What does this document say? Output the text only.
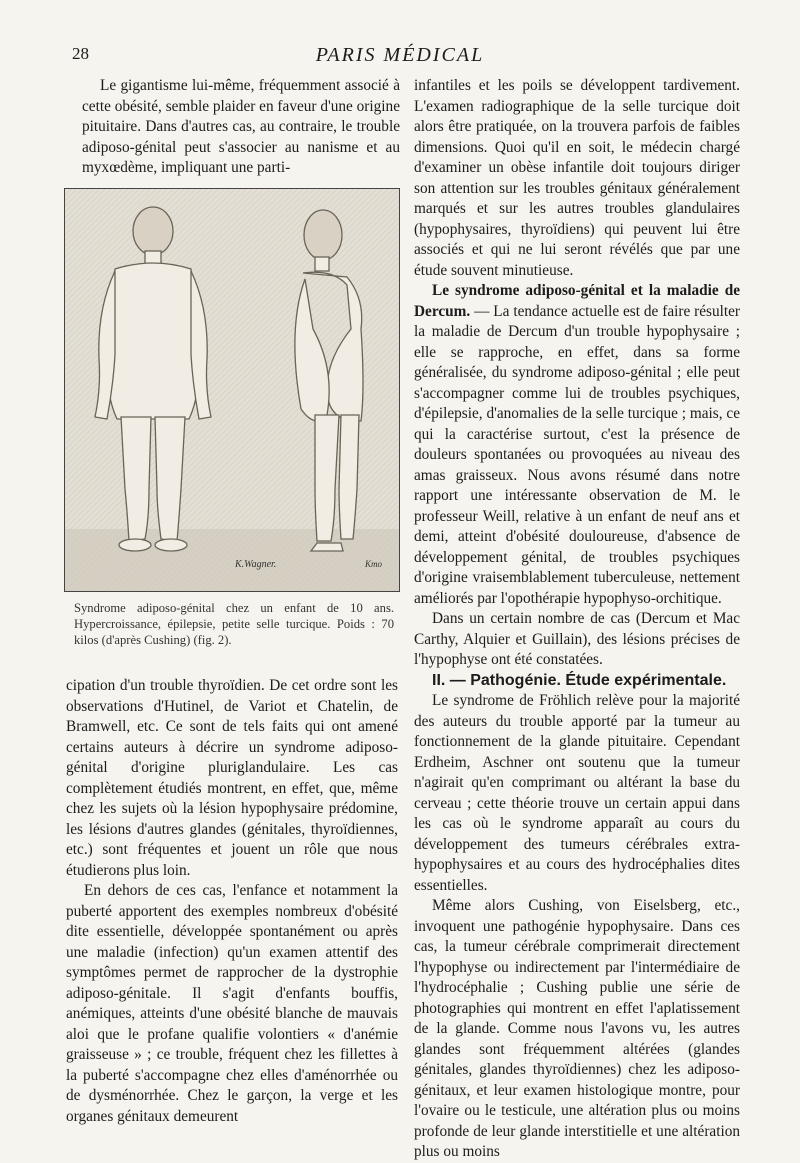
28	PARIS MÉDICAL

Le gigantisme lui-même, fréquemment associé à cette obésité, semble plaider en faveur d'une origine pituitaire. Dans d'autres cas, au contraire, le trouble adiposo-génital peut s'associer au nanisme et au myxœdème, impliquant une parti-

K.Wagner.	Kmo
Syndrome adiposo-génital chez un enfant de 10 ans. Hypercroissance, épilepsie, petite selle turcique. Poids : 70 kilos (d'après Cushing) (fig. 2).

cipation d'un trouble thyroïdien. De cet ordre sont les observations d'Hutinel, de Variot et Chatelin, de Bramwell, etc. Ce sont de tels faits qui ont amené certains auteurs à décrire un syndrome adiposo-génital d'origine pluriglandulaire. Les cas complètement étudiés montrent, en effet, que, même chez les sujets où la lésion hypophysaire prédomine, les lésions d'autres glandes (génitales, thyroïdiennes, etc.) sont fréquentes et jouent un rôle que nous étudierons plus loin.

En dehors de ces cas, l'enfance et notamment la puberté apportent des exemples nombreux d'obésité dite essentielle, développée spontanément ou après une maladie (infection) qu'un examen attentif des symptômes permet de rapprocher de la dystrophie adiposo-génitale. Il s'agit d'enfants bouffis, anémiques, atteints d'une obésité blanche de mauvais aloi que le profane qualifie volontiers « d'anémie graisseuse » ; ce trouble, fréquent chez les fillettes à la puberté s'accompagne chez elles d'aménorrhée ou de dysménorrhée. Chez le garçon, la verge et les organes génitaux demeurent

infantiles et les poils se développent tardivement. L'examen radiographique de la selle turcique doit alors être pratiquée, on la trouvera parfois de faibles dimensions. Quoi qu'il en soit, le médecin chargé d'examiner un obèse infantile doit toujours diriger son attention sur les troubles génitaux généralement marqués et sur les autres troubles glandulaires (hypophysaires, thyroïdiens) qui peuvent lui être associés et qui ne lui seront révélés que par une étude souvent minutieuse.

Le syndrome adiposo-génital et la maladie de Dercum. — La tendance actuelle est de faire résulter la maladie de Dercum d'un trouble hypophysaire ; elle se rapproche, en effet, dans sa forme généralisée, du syndrome adiposo-génital ; elle peut s'accompagner comme lui de troubles psychiques, d'épilepsie, d'anomalies de la selle turcique ; mais, ce qui la caractérise surtout, c'est la présence de douleurs spontanées ou provoquées au niveau des amas graisseux. Nous avons résumé dans notre rapport une intéressante observation de M. le professeur Weill, relative à un enfant de neuf ans et demi, atteint d'obésité douloureuse, d'absence de développement génital, de troubles psychiques d'origine vraisemblablement tuberculeuse, nettement améliorés par l'opothérapie hypophyso-orchitique.

Dans un certain nombre de cas (Dercum et Mac Carthy, Alquier et Guillain), des lésions précises de l'hypophyse ont été constatées.

II. — Pathogénie. Étude expérimentale.

Le syndrome de Fröhlich relève pour la majorité des auteurs du trouble apporté par la tumeur au fonctionnement de la glande pituitaire. Cependant Erdheim, Aschner ont soutenu que la tumeur n'agirait qu'en comprimant ou altérant la base du cerveau ; cette théorie trouve un certain appui dans les cas où le syndrome apparaît au cours du développement des tumeurs cérébrales extra-hypophysaires et au cours des hydrocéphalies dites essentielles.

Même alors Cushing, von Eiselsberg, etc., invoquent une pathogénie hypophysaire. Dans ces cas, la tumeur cérébrale comprimerait directement l'hypophyse ou indirectement par l'intermédiaire de l'hydrocéphalie ; Cushing publie une série de photographies qui montrent en effet l'aplatissement de la glande. Comme nous l'avons vu, les autres glandes sont fréquemment altérées (glandes génitales, glandes thyroïdiennes) chez les adiposo-génitaux, et leur examen histologique montre, pour l'ovaire ou le testicule, une altération plus ou moins profonde de leur glande interstitielle et une altération plus ou moins
